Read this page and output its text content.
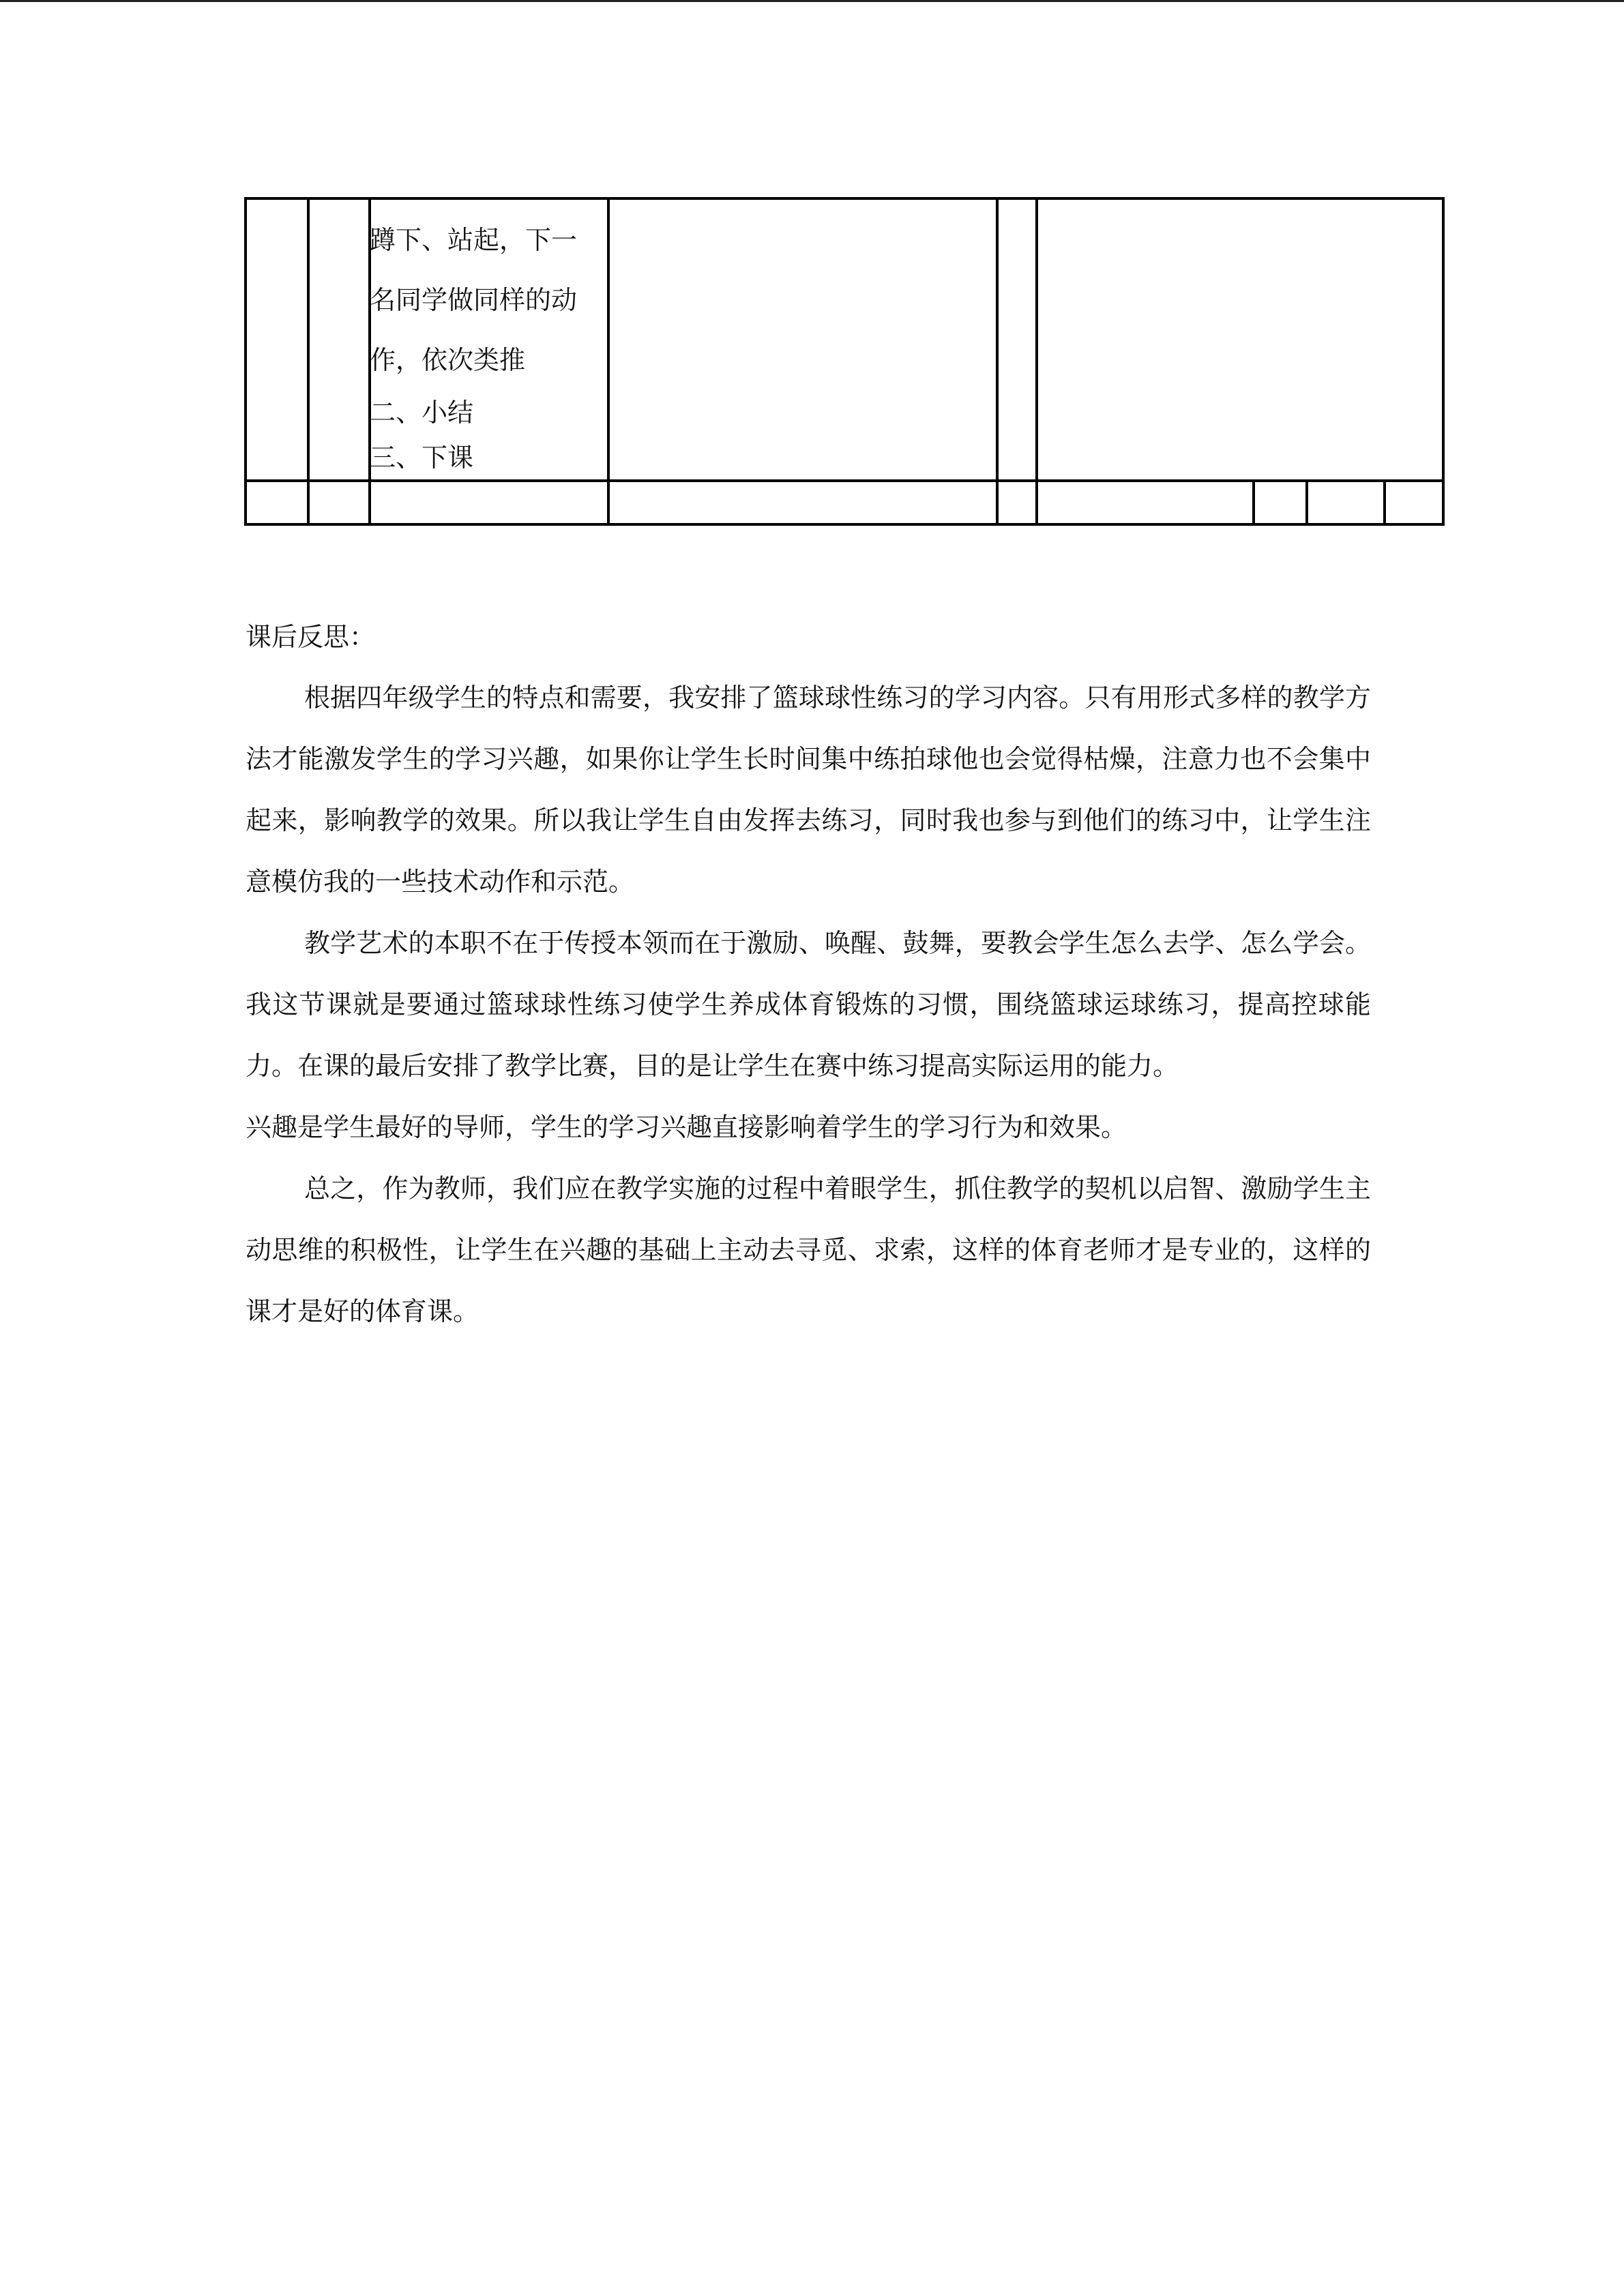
蹲下、站起，下一
名同学做同样的动
作，依次类推
二、小结
三、下课
课后反思：

根据四年级学生的特点和需要，我安排了篮球球性练习的学习内容。只有用形式多样的教学方法才能激发学生的学习兴趣，如果你让学生长时间集中练拍球他也会觉得枯燥，注意力也不会集中起来，影响教学的效果。所以我让学生自由发挥去练习，同时我也参与到他们的练习中，让学生注意模仿我的一些技术动作和示范。

教学艺术的本职不在于传授本领而在于激励、唤醒、鼓舞，要教会学生怎么去学、怎么学会。我这节课就是要通过篮球球性练习使学生养成体育锻炼的习惯，围绕篮球运球练习，提高控球能力。在课的最后安排了教学比赛，目的是让学生在赛中练习提高实际运用的能力。

兴趣是学生最好的导师，学生的学习兴趣直接影响着学生的学习行为和效果。

总之，作为教师，我们应在教学实施的过程中着眼学生，抓住教学的契机以启智、激励学生主动思维的积极性，让学生在兴趣的基础上主动去寻觅、求索，这样的体育老师才是专业的，这样的课才是好的体育课。
